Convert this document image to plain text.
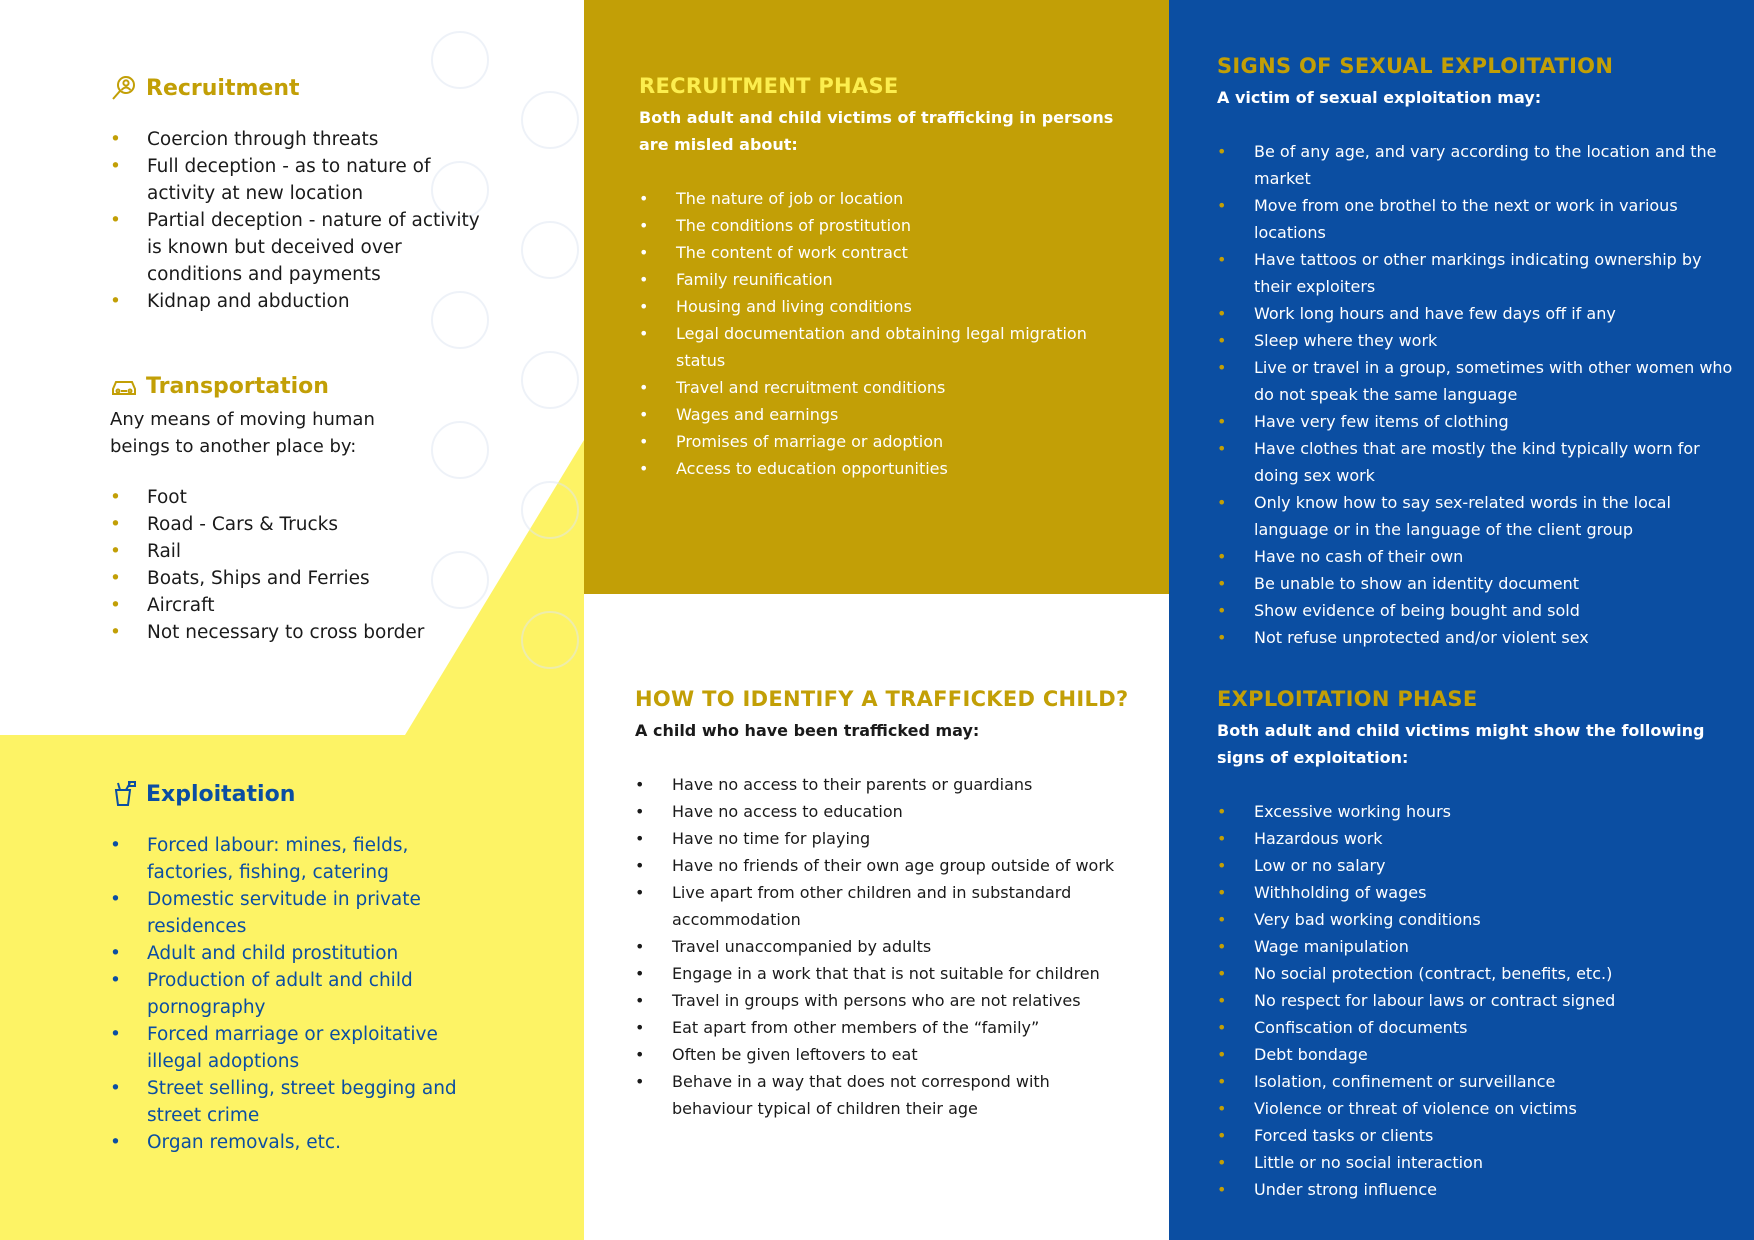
Recruitment
• Coercion through threats
• Full deception - as to nature of activity at new location
• Partial deception - nature of activity is known but deceived over conditions and payments
• Kidnap and abduction
Transportation
Any means of moving human beings to another place by:
• Foot
• Road - Cars & Trucks
• Rail
• Boats, Ships and Ferries
• Aircraft
• Not necessary to cross border
Exploitation
• Forced labour: mines, fields, factories, fishing, catering
• Domestic servitude in private residences
• Adult and child prostitution
• Production of adult and child pornography
• Forced marriage or exploitative illegal adoptions
• Street selling, street begging and street crime
• Organ removals, etc.
RECRUITMENT PHASE
Both adult and child victims of trafficking in persons are misled about:
• The nature of job or location
• The conditions of prostitution
• The content of work contract
• Family reunification
• Housing and living conditions
• Legal documentation and obtaining legal migration status
• Travel and recruitment conditions
• Wages and earnings
• Promises of marriage or adoption
• Access to education opportunities
HOW TO IDENTIFY A TRAFFICKED CHILD?
A child who have been trafficked may:
• Have no access to their parents or guardians
• Have no access to education
• Have no time for playing
• Have no friends of their own age group outside of work
• Live apart from other children and in substandard accommodation
• Travel unaccompanied by adults
• Engage in a work that that is not suitable for children
• Travel in groups with persons who are not relatives
• Eat apart from other members of the “family”
• Often be given leftovers to eat
• Behave in a way that does not correspond with behaviour typical of children their age
SIGNS OF SEXUAL EXPLOITATION
A victim of sexual exploitation may:
• Be of any age, and vary according to the location and the market
• Move from one brothel to the next or work in various locations
• Have tattoos or other markings indicating ownership by their exploiters
• Work long hours and have few days off if any
• Sleep where they work
• Live or travel in a group, sometimes with other women who do not speak the same language
• Have very few items of clothing
• Have clothes that are mostly the kind typically worn for doing sex work
• Only know how to say sex-related words in the local language or in the language of the client group
• Have no cash of their own
• Be unable to show an identity document
• Show evidence of being bought and sold
• Not refuse unprotected and/or violent sex
EXPLOITATION PHASE
Both adult and child victims might show the following signs of exploitation:
• Excessive working hours
• Hazardous work
• Low or no salary
• Withholding of wages
• Very bad working conditions
• Wage manipulation
• No social protection (contract, benefits, etc.)
• No respect for labour laws or contract signed
• Confiscation of documents
• Debt bondage
• Isolation, confinement or surveillance
• Violence or threat of violence on victims
• Forced tasks or clients
• Little or no social interaction
• Under strong influence
